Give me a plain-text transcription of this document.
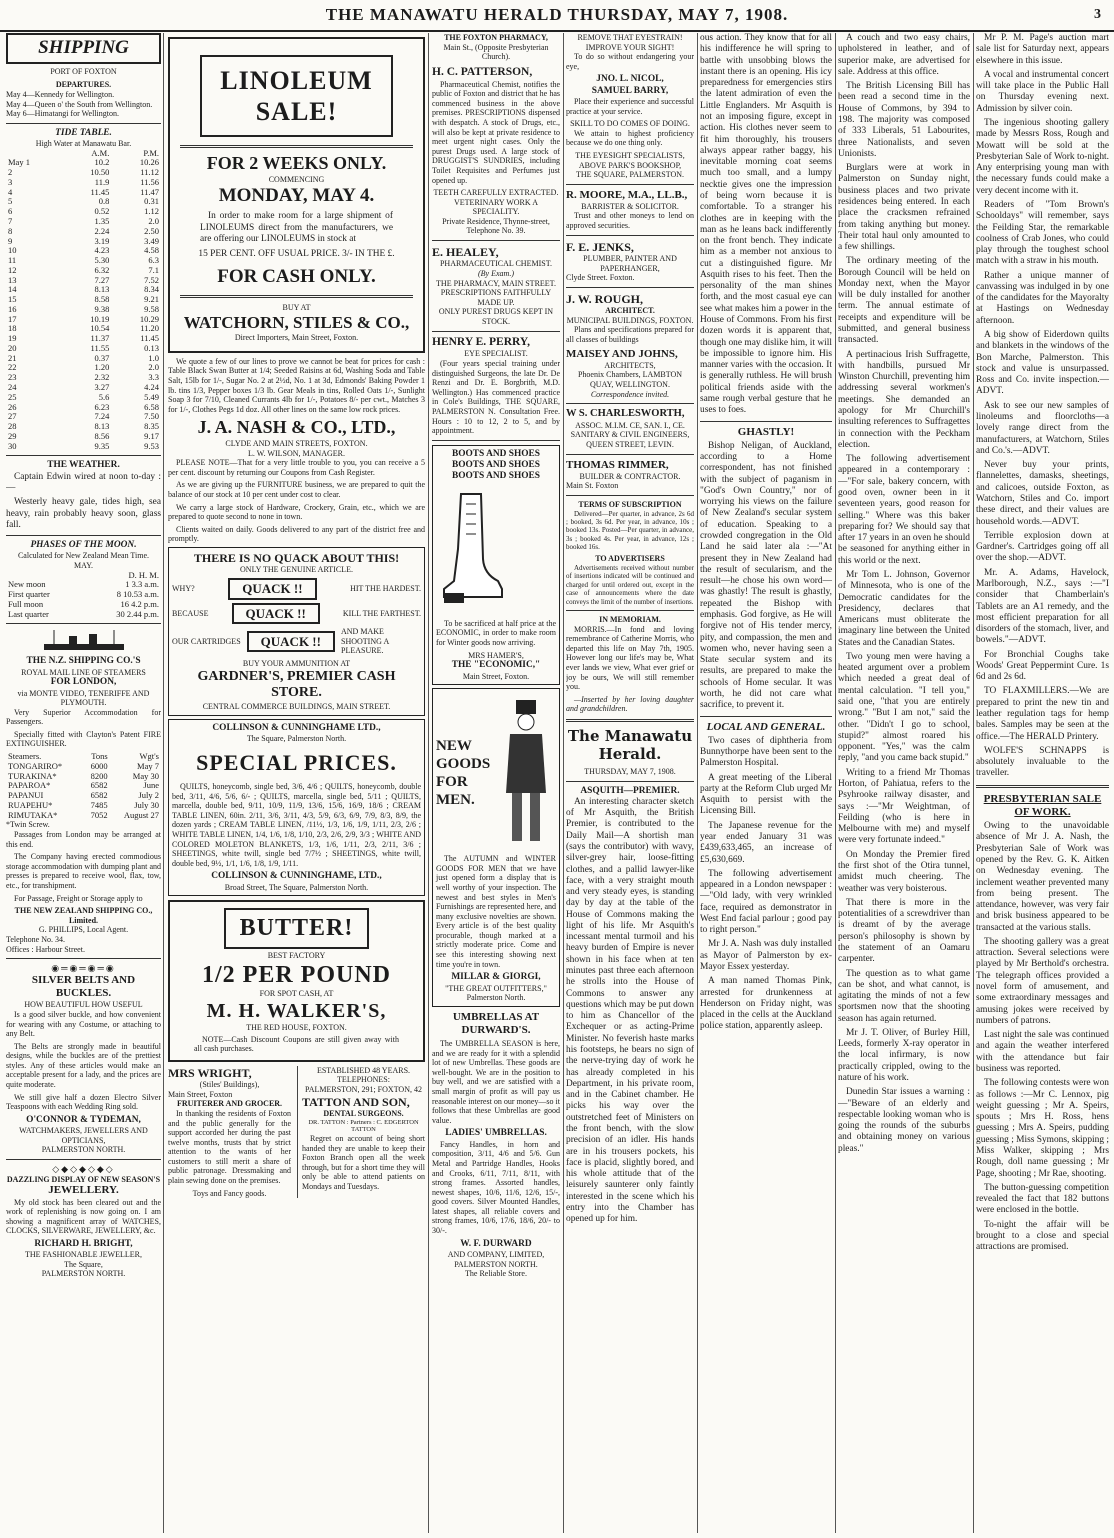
THE MANAWATU HERALD THURSDAY, MAY 7, 1908.	3
SHIPPING
PORT OF FOXTON
DEPARTURES.
May 4—Kennedy for Wellington.
May 4—Queen o' the South from Wellington.
May 6—Himatangi for Wellington.
TIDE TABLE.
High Water at Manawatu Bar.
	A.M.	P.M.
May 1	10.2	10.26
2	10.50	11.12
3	11.9	11.56
4	11.45	11.47
5	0.8	0.31
6	0.52	1.12
7	1.35	2.0
8	2.24	2.50
9	3.19	3.49
10	4.23	4.58
11	5.30	6.3
12	6.32	7.1
13	7.27	7.52
14	8.13	8.34
15	8.58	9.21
16	9.38	9.58
17	10.19	10.29
18	10.54	11.20
19	11.37	11.45
20	11.55	0.13
21	0.37	1.0
22	1.20	2.0
23	2.32	3.3
24	3.27	4.24
25	5.6	5.49
26	6.23	6.58
27	7.24	7.50
28	8.13	8.35
29	8.56	9.17
30	9.35	9.53
THE WEATHER.

Captain Edwin wired at noon to-day :—

Westerly heavy gale, tides high, sea heavy, rain probably heavy soon, glass fall.

PHASES OF THE MOON.
Calculated for New Zealand Mean Time.
MAY.
	D. H. M.
New moon	1 3.3 a.m.
First quarter	8 10.53 a.m.
Full moon	16 4.2 p.m.
Last quarter	30 2.44 p.m.
THE N.Z. SHIPPING CO.'S
ROYAL MAIL LINE OF STEAMERS
FOR LONDON,
via MONTE VIDEO, TENERIFFE AND PLYMOUTH.

Very Superior Accommodation for Passengers.

Specially fitted with Clayton's Patent FIRE EXTINGUISHER.

Steamers.	Tons	Wgt's
TONGARIRO*	6000	May 7
TURAKINA*	8200	May 30
PAPAROA*	6582	June
PAPANUI	6582	July 2
RUAPEHU*	7485	July 30
RIMUTAKA*	7052	August 27
*Twin Screw.

Passages from London may be arranged at this end.

The Company having erected commodious storage accommodation with dumping plant and presses is prepared to receive wool, flax, tow, etc., for transhipment.

For Passage, Freight or Storage apply to

THE NEW ZEALAND SHIPPING CO., Limited.
G. PHILLIPS, Local Agent.
Telephone No. 34.
Offices : Harbour Street.
◉═◉═◉═◉
SILVER BELTS AND BUCKLES.
HOW BEAUTIFUL HOW USEFUL

Is a good silver buckle, and how convenient for wearing with any Costume, or attaching to any Belt.

The Belts are strongly made in beautiful designs, while the buckles are of the prettiest styles. Any of these articles would make an acceptable present for a lady, and the prices are quite moderate.

We still give half a dozen Electro Silver Teaspoons with each Wedding Ring sold.

O'CONNOR & TYDEMAN,
WATCHMAKERS, JEWELLERS AND OPTICIANS,
PALMERSTON NORTH.
◇◆◇◆◇◆◇
DAZZLING DISPLAY OF NEW SEASON'S
JEWELLERY.

My old stock has been cleared out and the work of replenishing is now going on. I am showing a magnificent array of WATCHES, CLOCKS, SILVERWARE, JEWELLERY, &c.

RICHARD H. BRIGHT,
THE FASHIONABLE JEWELLER,
The Square,
PALMERSTON NORTH.
LINOLEUM SALE!
FOR 2 WEEKS ONLY.
COMMENCING
MONDAY, MAY 4.

In order to make room for a large shipment of LINOLEUMS direct from the manufacturers, we are offering our LINOLEUMS in stock at

15 PER CENT. OFF USUAL PRICE. 3/- IN THE £.
FOR CASH ONLY.
BUY AT
WATCHORN, STILES & CO.,
Direct Importers, Main Street, Foxton.

We quote a few of our lines to prove we cannot be beat for prices for cash : Table Black Swan Butter at 1/4; Seeded Raisins at 6d, Washing Soda and Table Salt, 15lb for 1/-, Sugar No. 2 at 2½d, No. 1 at 3d, Edmonds' Baking Powder 1 lb. tins 1/3, Pepper boxes 1/3 lb. Gear Meals in tins, Rolled Oats 1/-, Sunlight Soap 3 for 7/10, Cleaned Currants 4lb for 1/-, Potatoes 8/- per cwt., Matches 3 for 1/-, Clothes Pegs 1d doz. All other lines on the same low rock prices.

J. A. NASH & CO., LTD.,
CLYDE AND MAIN STREETS, FOXTON.
L. W. WILSON, MANAGER.

PLEASE NOTE—That for a very little trouble to you, you can receive a 5 per cent. discount by returning our Coupons from Cash Register.

As we are giving up the FURNITURE business, we are prepared to quit the balance of our stock at 10 per cent under cost to clear.

We carry a large stock of Hardware, Crockery, Grain, etc., which we are prepared to quote second to none in town.

Clients waited on daily. Goods delivered to any part of the district free and promptly.

THERE IS NO QUACK ABOUT THIS!
ONLY THE GENUINE ARTICLE.
WHY?	QUACK !!	HIT THE HARDEST.
BECAUSE	QUACK !!	KILL THE FARTHEST.
OUR CARTRIDGES	QUACK !!
AND MAKE SHOOTING A PLEASURE.
BUY YOUR AMMUNITION AT
GARDNER'S, PREMIER CASH STORE.
CENTRAL COMMERCE BUILDINGS, MAIN STREET.
COLLINSON & CUNNINGHAME LTD.,
The Square, Palmerston North.
SPECIAL PRICES.

QUILTS, honeycomb, single bed, 3/6, 4/6 ; QUILTS, honeycomb, double bed, 3/11, 4/6, 5/6, 6/- ; QUILTS, marcella, single bed, 5/11 ; QUILTS, marcella, double bed, 9/11, 10/9, 11/9, 13/6, 15/6, 16/9, 18/6 ; CREAM TABLE LINEN, 60in. 2/11, 3/6, 3/11, 4/3, 5/9, 6/3, 6/9, 7/9, 8/3, 8/9, the dozen yards ; CREAM TABLE LINEN, /11½, 1/3, 1/6, 1/9, 1/11, 2/3, 2/6 ; WHITE TABLE LINEN, 1/4, 1/6, 1/8, 1/10, 2/3, 2/6, 2/9, 3/3 ; WHITE AND COLORED MOLETON BLANKETS, 1/3, 1/6, 1/11, 2/3, 2/11, 3/6 ; SHEETINGS, white twill, single bed 7/7½ ; SHEETINGS, white twill, double bed, 9½, 1/1, 1/6, 1/8, 1/9, 1/11.

COLLINSON & CUNNINGHAME, LTD.,
Broad Street, The Square, Palmerston North.
BUTTER!
BEST FACTORY
1/2 PER POUND
FOR SPOT CASH, AT
M. H. WALKER'S,
THE RED HOUSE, FOXTON.

NOTE—Cash Discount Coupons are still given away with all cash purchases.

MRS WRIGHT,
(Stiles' Buildings),
Main Street, Foxton
FRUITERER AND GROCER.

In thanking the residents of Foxton and the public generally for the support accorded her during the past twelve months, trusts that by strict attention to the wants of her customers to still merit a share of public patronage. Dressmaking and plain sewing done on the premises.

Toys and Fancy goods.
ESTABLISHED 48 YEARS.
TELEPHONES:
PALMERSTON, 291; FOXTON, 42
TATTON AND SON,
DENTAL SURGEONS.
DR. TATTON : Partners : C. EDGERTON TATTON

Regret on account of being short handed they are unable to keep their Foxton Branch open all the week through, but for a short time they will only be able to attend patients on Mondays and Tuesdays.

THE FOXTON PHARMACY,
Main St., (Opposite Presbyterian Church).
H. C. PATTERSON,

Pharmaceutical Chemist, notifies the public of Foxton and district that he has commenced business in the above premises. PRESCRIPTIONS dispensed with despatch. A stock of Drugs, etc., will also be kept at private residence to meet urgent night cases. Only the purest Drugs used. A large stock of DRUGGIST'S SUNDRIES, including Toilet Requisites and Perfumes just opened up.

TEETH CAREFULLY EXTRACTED.
VETERINARY WORK A SPECIALITY.
Private Residence, Thynne-street, Telephone No. 39.
E. HEALEY,
PHARMACEUTICAL CHEMIST.
(By Exam.)
THE PHARMACY, MAIN STREET.
PRESCRIPTIONS FAITHFULLY MADE UP.
ONLY PUREST DRUGS KEPT IN STOCK.
HENRY E. PERRY,
EYE SPECIALIST.

(Four years special training under distinguished Surgeons, the late Dr. De Renzi and Dr. E. Borgbrith, M.D. Wellington.) Has commenced practice in Cole's Buildings, THE SQUARE, PALMERSTON N. Consultation Free. Hours : 10 to 12, 2 to 5, and by appointment.

BOOTS AND SHOES
BOOTS AND SHOES
BOOTS AND SHOES

To be sacrificed at half price at the ECONOMIC, in order to make room for Winter goods now arriving.

MRS HAMER'S,
THE "ECONOMIC,"
Main Street, Foxton.
NEW
GOODS
FOR
MEN.

The AUTUMN and WINTER GOODS FOR MEN that we have just opened form a display that is well worthy of your inspection. The newest and best styles in Men's Furnishings are represented here, and many exclusive novelties are shown. Every article is of the best quality procurable, though marked at a strictly moderate price. Come and see this interesting showing next time you're in town.

MILLAR & GIORGI,
"THE GREAT OUTFITTERS,"
Palmerston North.
UMBRELLAS AT DURWARD'S.

The UMBRELLA SEASON is here, and we are ready for it with a splendid lot of new Umbrellas. These goods are well-bought. We are in the position to buy well, and we are satisfied with a small margin of profit as will pay us reasonable interest on our money—so it follows that these Umbrellas are good value.

LADIES' UMBRELLAS.

Fancy Handles, in horn and composition, 3/11, 4/6 and 5/6. Gun Metal and Partridge Handles, Hooks and Crooks, 6/11, 7/11, 8/11, with strong frames. Assorted handles, newest shapes, 10/6, 11/6, 12/6, 15/-, good covers. Silver Mounted Handles, latest shapes, all reliable covers and strong frames, 10/6, 17/6, 18/6, 20/- to 30/-.

W. F. DURWARD
AND COMPANY, LIMITED,
PALMERSTON NORTH.
The Reliable Store.
REMOVE THAT EYESTRAIN! IMPROVE YOUR SIGHT!

To do so without endangering your eye,

JNO. L. NICOL,
SAMUEL BARRY,

Place their experience and successful practice at your service.

SKILL TO DO COMES OF DOING.

We attain to highest proficiency because we do one thing only.

THE EYESIGHT SPECIALISTS,
ABOVE PARK'S BOOKSHOP,
THE SQUARE, PALMERSTON.
R. MOORE, M.A., LL.B.,
BARRISTER & SOLICITOR.

Trust and other moneys to lend on approved securities.

F. E. JENKS,
PLUMBER, PAINTER AND PAPERHANGER,
Clyde Street. Foxton.
J. W. ROUGH,
ARCHITECT.
MUNICIPAL BUILDINGS, FOXTON.

Plans and specifications prepared for all classes of buildings

MAISEY AND JOHNS,
ARCHITECTS,
Phoenix Chambers, LAMBTON QUAY, WELLINGTON.
Correspondence invited.
W S. CHARLESWORTH,
ASSOC. M.I.M. CE, SAN. I., CE. SANITARY & CIVIL ENGINEERS,
QUEEN STREET, LEVIN.
THOMAS RIMMER,
BUILDER & CONTRACTOR.
Main St. Foxton
TERMS OF SUBSCRIPTION

Delivered—Per quarter, in advance, 2s 6d ; booked, 3s 6d. Per year, in advance, 10s ; booked 13s. Posted—Per quarter, in advance, 3s ; booked 4s. Per year, in advance, 12s ; booked 16s.

TO ADVERTISERS

Advertisements received without number of insertions indicated will be continued and charged for until ordered out, except in the case of announcements where the date conveys the limit of the number of insertions.

IN MEMORIAM.

MORRIS.—In fond and loving remembrance of Catherine Morris, who departed this life on May 7th, 1905. However long our life's may be, What ever lands we view, What ever grief or joy be ours, We will still remember you.

—Inserted by her loving daughter and grandchildren.

The Manawatu Herald.
THURSDAY, MAY 7, 1908.
ASQUITH—PREMIER.

An interesting character sketch of Mr Asquith, the British Premier, is contributed to the Daily Mail—A shortish man (says the contributor) with wavy, silver-grey hair, loose-fitting clothes, and a pallid lawyer-like face, with a very straight mouth and very steady eyes, is standing day by day at the table of the House of Commons making the light of his life. Mr Asquith's incessant mental turmoil and his heavy burden of Empire is never shown in his face when at ten minutes past three each afternoon he strolls into the House of Commons to answer any questions which may be put down to him as Chancellor of the Exchequer or as acting-Prime Minister. No feverish haste marks his footsteps, he bears no sign of the nerve-trying day of work he has already completed in his Department, in his private room, and in the Cabinet chamber. He picks his way over the outstretched feet of Ministers on the front bench, with the slow precision of an idler. His hands are in his trousers pockets, his face is placid, slightly bored, and his whole attitude that of the leisurely saunterer only faintly interested in the scene which his entry into the Chamber has opened up for him.

ous action. They know that for all his indifference he will spring to battle with unsobbing blows the instant there is an opening. His icy preparedness for emergencies stirs the latent admiration of even the Little Englanders. Mr Asquith is not an imposing figure, except in action. His clothes never seem to fit him thoroughly, his trousers always appear rather baggy, his inevitable morning coat seems much too small, and a lumpy necktie gives one the impression of being worn because it is comfortable. To a stranger his clothes are in keeping with the man as he leans back indifferently on the front bench. They indicate him as a member not anxious to cut a distinguished figure. Mr Asquith rises to his feet. Then the personality of the man shines forth, and the most casual eye can see what makes him a power in the House of Commons. From his first dozen words it is apparent that, though one may dislike him, it will be impossible to ignore him. His manner varies with the occasion. It is generally ruthless. He will brush political friends aside with the same rough verbal gesture that he uses to foes.

GHASTLY!

Bishop Neligan, of Auckland, according to a Home correspondent, has not finished with the subject of paganism in "God's Own Country," nor of worrying his views on the failure of New Zealand's secular system of education. Speaking to a crowded congregation in the Old Land he said later ala :—"At present they in New Zealand had the result of secularism, and the result—he chose his own word—was ghastly! The result is ghastly, repeated the Bishop with emphasis. God forgive, as He will forgive not of His tender mercy, pity, and compassion, the men and women who, never having seen a State secular system and its results, are prepared to make the schools of Home secular. It was worth, he did not care what sacrifice, to prevent it.

LOCAL AND GENERAL.

Two cases of diphtheria from Bunnythorpe have been sent to the Palmerston Hospital.

A great meeting of the Liberal party at the Reform Club urged Mr Asquith to persist with the Licensing Bill.

The Japanese revenue for the year ended January 31 was £439,633,465, an increase of £5,630,669.

The following advertisement appeared in a London newspaper :—"Old lady, with very wrinkled face, required as demonstrator in West End facial parlour ; good pay to right person."

Mr J. A. Nash was duly installed as Mayor of Palmerston by ex-Mayor Essex yesterday.

A man named Thomas Pink, arrested for drunkenness at Henderson on Friday night, was placed in the cells at the Auckland police station, apparently asleep.

A couch and two easy chairs, upholstered in leather, and of superior make, are advertised for sale. Address at this office.

The British Licensing Bill has been read a second time in the House of Commons, by 394 to 198. The majority was composed of 333 Liberals, 51 Labourites, three Nationalists, and seven Unionists.

Burglars were at work in Palmerston on Sunday night, business places and two private residences being entered. In each place the cracksmen refrained from taking anything but money. Their total haul only amounted to a few shillings.

The ordinary meeting of the Borough Council will be held on Monday next, when the Mayor will be duly installed for another term. The annual estimate of receipts and expenditure will be submitted, and general business transacted.

A pertinacious Irish Suffragette, with handbills, pursued Mr Winston Churchill, preventing him addressing several workmen's meetings. She demanded an apology for Mr Churchill's insulting references to Suffragettes in connection with the Peckham election.

The following advertisement appeared in a contemporary :—"For sale, bakery concern, with good oven, owner been in it seventeen years, good reason for selling." Where was this baker preparing for? We should say that after 17 years in an oven he should be seasoned for anything either in this world or the next.

Mr Tom L. Johnson, Governor of Minnesota, who is one of the Democratic candidates for the Presidency, declares that Americans must obliterate the imaginary line between the United States and the Canadian States.

Two young men were having a heated argument over a problem which needed a great deal of mental calculation. "I tell you," said one, "that you are entirely wrong." "But I am not," said the other. "Didn't I go to school, stupid?" almost roared his opponent. "Yes," was the calm reply, "and you came back stupid."

Writing to a friend Mr Thomas Horton, of Pahiatua, refers to the Psyhrooke railway disaster, and says :—"Mr Weightman, of Feilding (who is here in Melbourne with me) and myself were very fortunate indeed."

On Monday the Premier fired the first shot of the Otira tunnel, amidst much cheering. The weather was very boisterous.

That there is more in the potentialities of a screwdriver than is dreamt of by the average person's philosophy is shown by the statement of an Oamaru carpenter.

The question as to what game can be shot, and what cannot, is agitating the minds of not a few sportsmen now that the shooting season has again returned.

Mr J. T. Oliver, of Burley Hill, Leeds, formerly X-ray operator in the local infirmary, is now practically crippled, owing to the nature of his work.

Dunedin Star issues a warning :—"Beware of an elderly and respectable looking woman who is going the rounds of the suburbs and obtaining money on various pleas."

Mr P. M. Page's auction mart sale list for Saturday next, appears elsewhere in this issue.

A vocal and instrumental concert will take place in the Public Hall on Thursday evening next. Admission by silver coin.

The ingenious shooting gallery made by Messrs Ross, Rough and Mowatt will be sold at the Presbyterian Sale of Work to-night. Any enterprising young man with the necessary funds could make a very decent income with it.

Readers of "Tom Brown's Schooldays" will remember, says the Feilding Star, the remarkable coolness of Crab Jones, who could play through the toughest school match with a straw in his mouth.

Rather a unique manner of canvassing was indulged in by one of the candidates for the Mayoralty at Hastings on Wednesday afternoon.

A big show of Eiderdown quilts and blankets in the windows of the Bon Marche, Palmerston. This stock and value is unsurpassed. Ross and Co. invite inspection.—ADVT.

Ask to see our new samples of linoleums and floorcloths—a lovely range direct from the manufacturers, at Watchorn, Stiles and Co.'s.—ADVT.

Never buy your prints, flannelettes, damasks, sheetings, and calicoes, outside Foxton, as Watchorn, Stiles and Co. import these direct, and their values are household words.—ADVT.

Terrible explosion down at Gardner's. Cartridges going off all over the shop.—ADVT.

Mr. A. Adams, Havelock, Marlborough, N.Z., says :—"I consider that Chamberlain's Tablets are an A1 remedy, and the most efficient preparation for all disorders of the stomach, liver, and bowels."—ADVT.

For Bronchial Coughs take Woods' Great Peppermint Cure. 1s 6d and 2s 6d.

TO FLAXMILLERS.—We are prepared to print the new tin and leather regulation tags for hemp bales. Samples may be seen at the office.—The HERALD Printery.

WOLFE'S SCHNAPPS is absolutely invaluable to the traveller.

PRESBYTERIAN SALE OF WORK.

Owing to the unavoidable absence of Mr J. A. Nash, the Presbyterian Sale of Work was opened by the Rev. G. K. Aitken on Wednesday evening. The inclement weather prevented many from being present. The attendance, however, was very fair and brisk business appeared to be transacted at the various stalls.

The shooting gallery was a great attraction. Several selections were played by Mr Berthold's orchestra. The telegraph offices provided a novel form of amusement, and some extraordinary messages and amusing jokes were received by numbers of patrons.

Last night the sale was continued and again the weather interfered with the attendance but fair business was reported.

The following contests were won as follows :—Mr C. Lennox, pig weight guessing ; Mr A. Speirs, spouts ; Mrs H. Ross, hens guessing ; Mrs A. Speirs, pudding guessing ; Miss Symons, skipping ; Miss Walker, skipping ; Mrs Rough, doll name guessing ; Mr Page, shooting ; Mr Rae, shooting.

The button-guessing competition revealed the fact that 182 buttons were enclosed in the bottle.

To-night the affair will be brought to a close and special attractions are promised.
